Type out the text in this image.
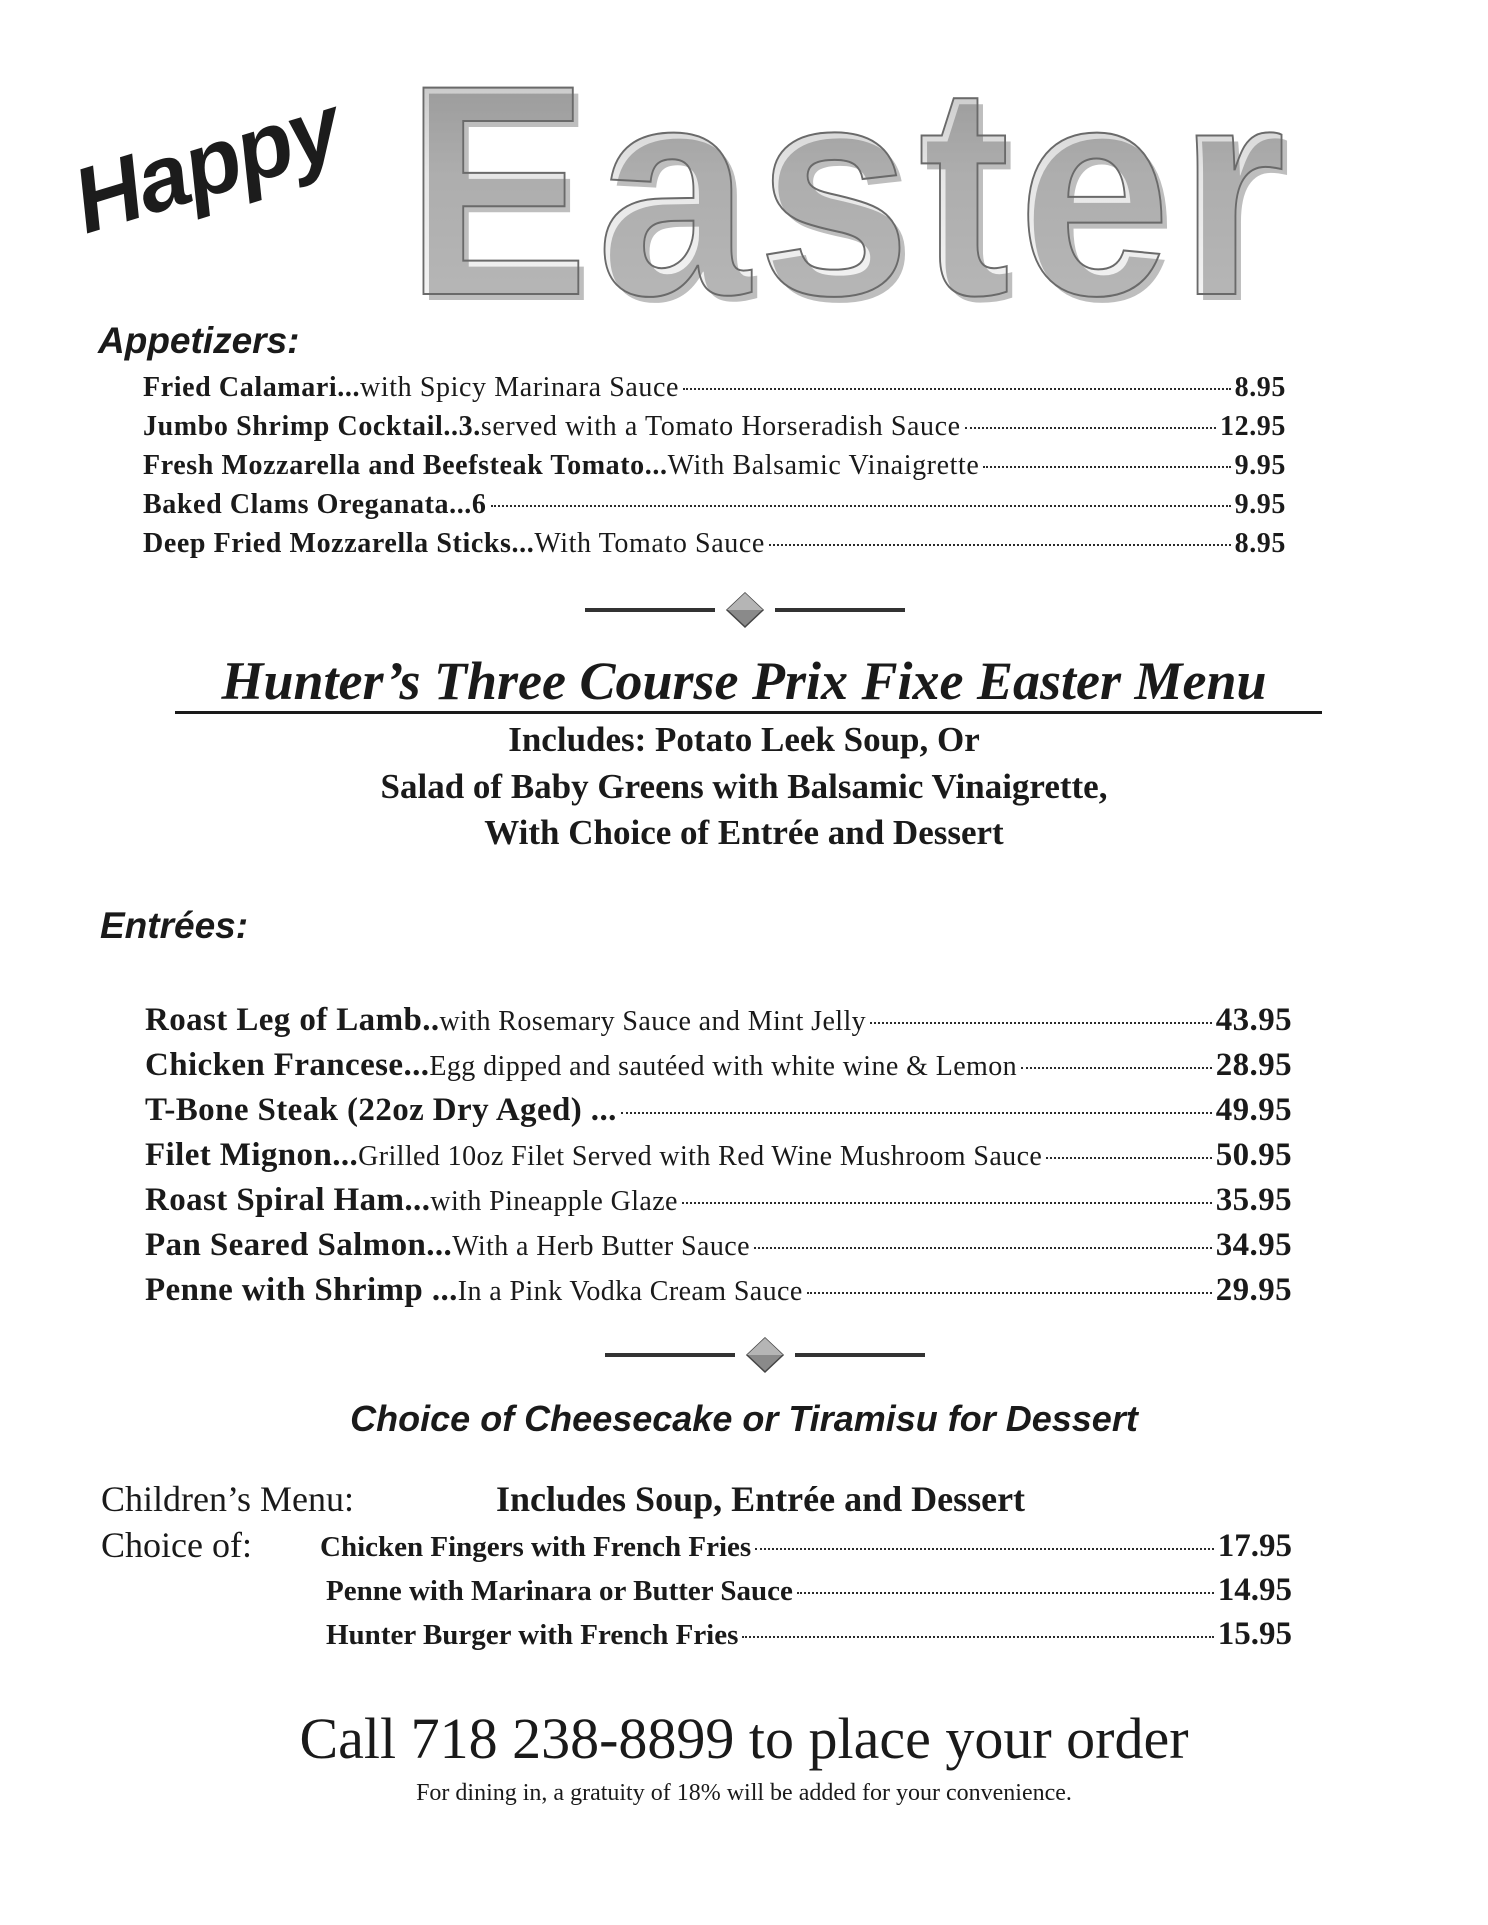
Happy Easter
Appetizers:
Fried Calamari... with Spicy Marinara Sauce	8.95
Jumbo Shrimp Cocktail..3. served with a Tomato Horseradish Sauce	12.95
Fresh Mozzarella and Beefsteak Tomato... With Balsamic Vinaigrette	9.95
Baked Clams Oreganata...6	9.95
Deep Fried Mozzarella Sticks... With Tomato Sauce	8.95
Hunter’s Three Course Prix Fixe Easter Menu
Includes: Potato Leek Soup, Or
Salad of Baby Greens with Balsamic Vinaigrette,
With Choice of Entrée and Dessert
Entrées:
Roast Leg of Lamb.. with Rosemary Sauce and Mint Jelly	43.95
Chicken Francese... Egg dipped and sautéed with white wine & Lemon	28.95
T-Bone Steak (22oz Dry Aged) ...	49.95
Filet Mignon... Grilled 10oz Filet Served with Red Wine Mushroom Sauce	50.95
Roast Spiral Ham... with Pineapple Glaze	35.95
Pan Seared Salmon... With a Herb Butter Sauce	34.95
Penne with Shrimp ... In a Pink Vodka Cream Sauce	29.95
Choice of Cheesecake or Tiramisu for Dessert
Children’s Menu:	Includes Soup, Entrée and Dessert
Choice of: Chicken Fingers with French Fries	17.95
Penne with Marinara or Butter Sauce	14.95
Hunter Burger with French Fries	15.95
Call 718 238-8899 to place your order
For dining in, a gratuity of 18% will be added for your convenience.
